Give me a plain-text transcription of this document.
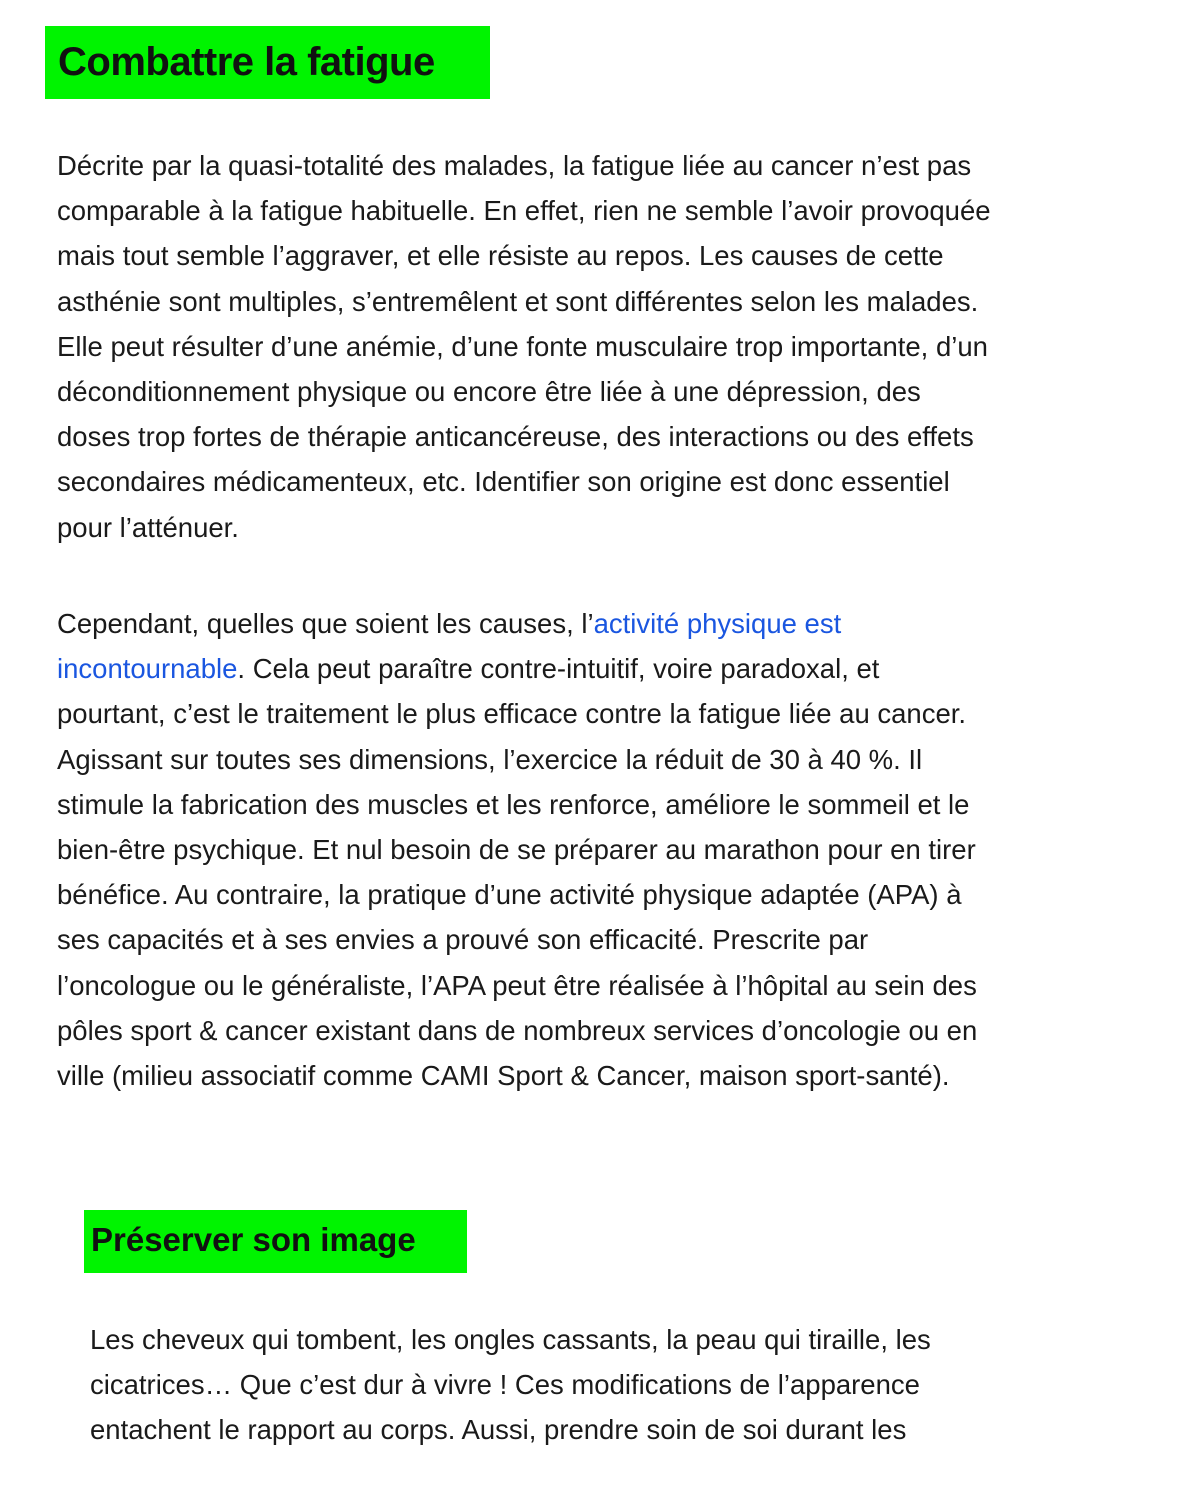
Combattre la fatigue
Décrite par la quasi-totalité des malades, la fatigue liée au cancer n’est pas
comparable à la fatigue habituelle. En effet, rien ne semble l’avoir provoquée
mais tout semble l’aggraver, et elle résiste au repos. Les causes de cette
asthénie sont multiples, s’entremêlent et sont différentes selon les malades.
Elle peut résulter d’une anémie, d’une fonte musculaire trop importante, d’un
déconditionnement physique ou encore être liée à une dépression, des
doses trop fortes de thérapie anticancéreuse, des interactions ou des effets
secondaires médicamenteux, etc. Identifier son origine est donc essentiel
pour l’atténuer.
Cependant, quelles que soient les causes, l’activité physique est
incontournable. Cela peut paraître contre-intuitif, voire paradoxal, et
pourtant, c’est le traitement le plus efficace contre la fatigue liée au cancer.
Agissant sur toutes ses dimensions, l’exercice la réduit de 30 à 40 %. Il
stimule la fabrication des muscles et les renforce, améliore le sommeil et le
bien-être psychique. Et nul besoin de se préparer au marathon pour en tirer
bénéfice. Au contraire, la pratique d’une activité physique adaptée (APA) à
ses capacités et à ses envies a prouvé son efficacité. Prescrite par
l’oncologue ou le généraliste, l’APA peut être réalisée à l’hôpital au sein des
pôles sport & cancer existant dans de nombreux services d’oncologie ou en
ville (milieu associatif comme CAMI Sport & Cancer, maison sport-santé).
Préserver son image
Les cheveux qui tombent, les ongles cassants, la peau qui tiraille, les
cicatrices… Que c’est dur à vivre ! Ces modifications de l’apparence
entachent le rapport au corps. Aussi, prendre soin de soi durant les
